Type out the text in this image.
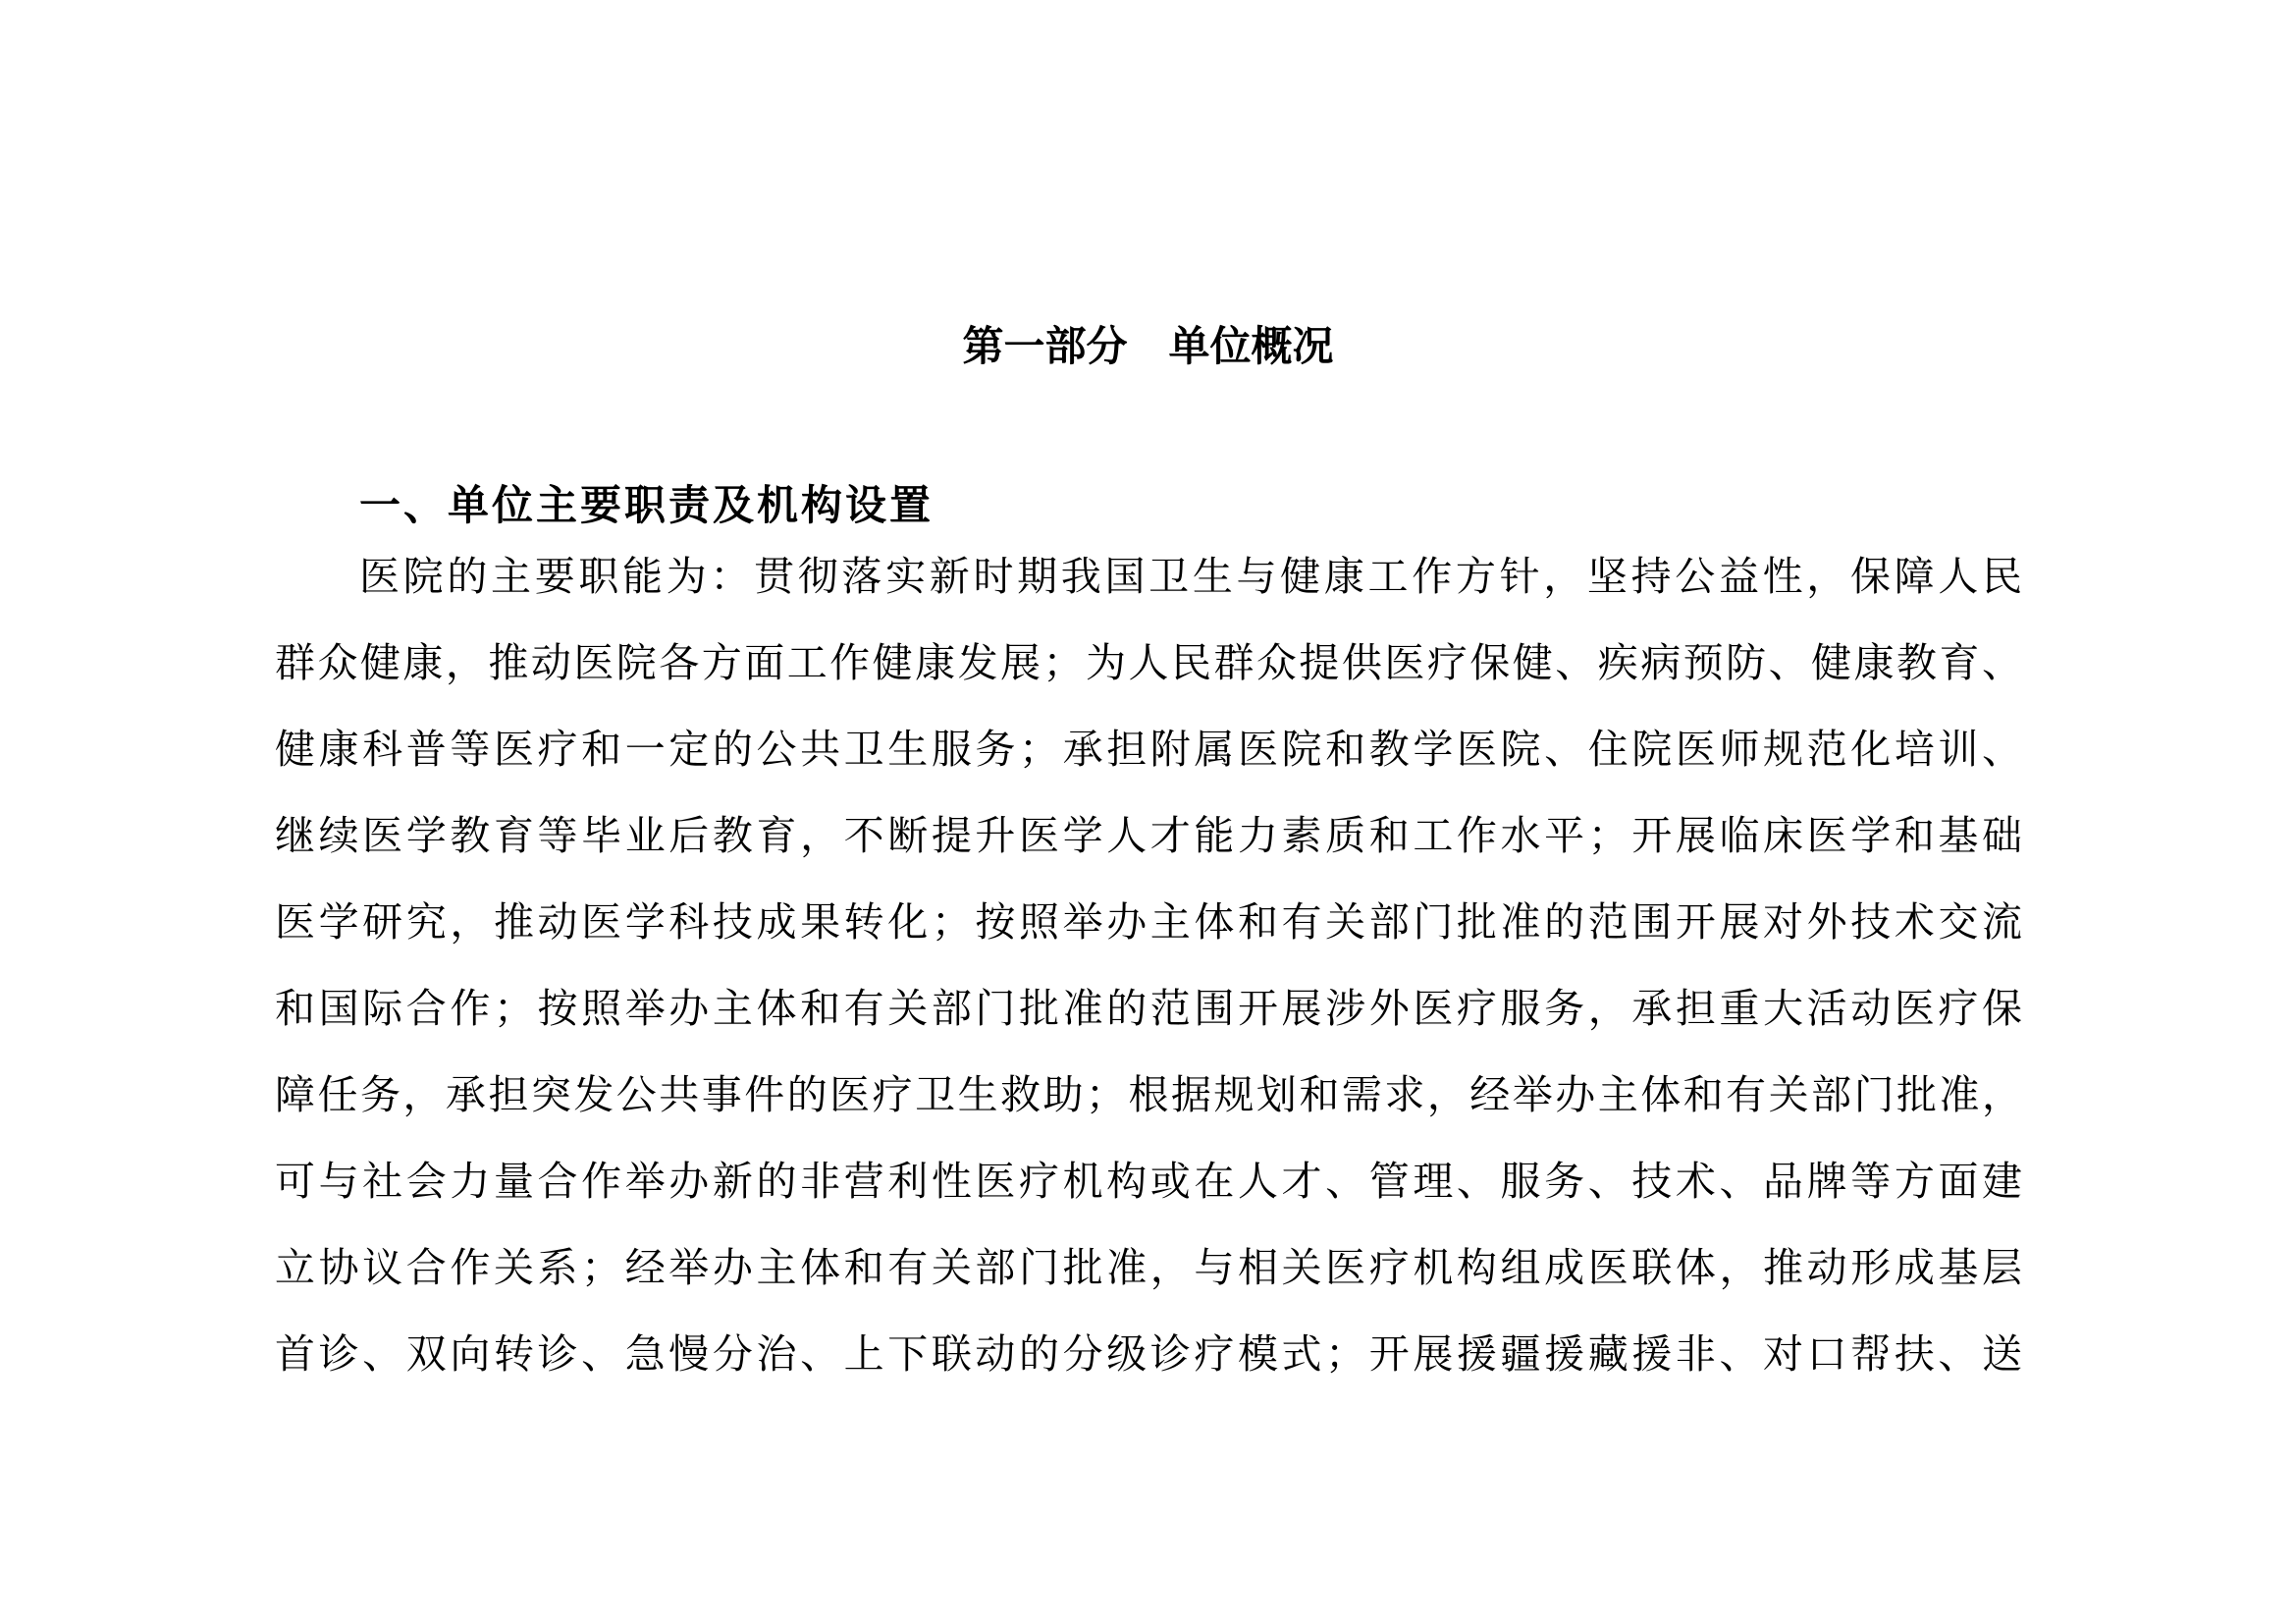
第一部分　单位概况
一、单位主要职责及机构设置
医院的主要职能为：贯彻落实新时期我国卫生与健康工作方针，坚持公益性，保障人民
群众健康，推动医院各方面工作健康发展；为人民群众提供医疗保健、疾病预防、健康教育、
健康科普等医疗和一定的公共卫生服务；承担附属医院和教学医院、住院医师规范化培训、
继续医学教育等毕业后教育，不断提升医学人才能力素质和工作水平；开展临床医学和基础
医学研究，推动医学科技成果转化；按照举办主体和有关部门批准的范围开展对外技术交流
和国际合作；按照举办主体和有关部门批准的范围开展涉外医疗服务，承担重大活动医疗保
障任务，承担突发公共事件的医疗卫生救助；根据规划和需求，经举办主体和有关部门批准，
可与社会力量合作举办新的非营利性医疗机构或在人才、管理、服务、技术、品牌等方面建
立协议合作关系；经举办主体和有关部门批准，与相关医疗机构组成医联体，推动形成基层
首诊、双向转诊、急慢分治、上下联动的分级诊疗模式；开展援疆援藏援非、对口帮扶、送
